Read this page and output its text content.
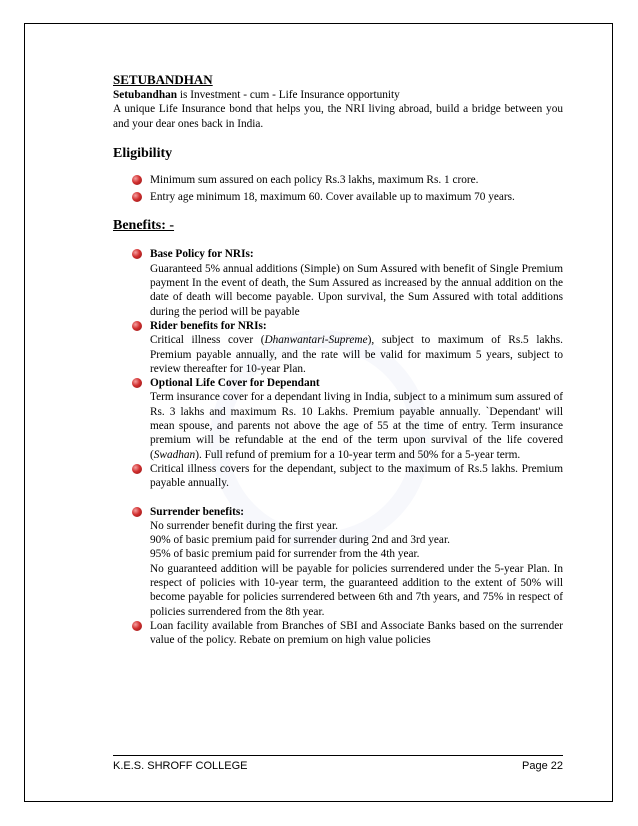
SETUBANDHAN

Setubandhan is Investment - cum - Life Insurance opportunity

A unique Life Insurance bond that helps you, the NRI living abroad, build a bridge between you and your dear ones back in India.

Eligibility
Minimum sum assured on each policy Rs.3 lakhs, maximum Rs. 1 crore.
Entry age minimum 18, maximum 60. Cover available up to maximum 70 years.
Benefits: -
Base Policy for NRIs:
Guaranteed 5% annual additions (Simple) on Sum Assured with benefit of Single Premium payment In the event of death, the Sum Assured as increased by the annual addition on the date of death will become payable. Upon survival, the Sum Assured with total additions during the period will be payable
Rider benefits for NRIs:
Critical illness cover (Dhanwantari-Supreme), subject to maximum of Rs.5 lakhs. Premium payable annually, and the rate will be valid for maximum 5 years, subject to review thereafter for 10-year Plan.
Optional Life Cover for Dependant
Term insurance cover for a dependant living in India, subject to a minimum sum assured of Rs. 3 lakhs and maximum Rs. 10 Lakhs. Premium payable annually. `Dependant' will mean spouse, and parents not above the age of 55 at the time of entry. Term insurance premium will be refundable at the end of the term upon survival of the life covered (Swadhan). Full refund of premium for a 10-year term and 50% for a 5-year term.
Critical illness covers for the dependant, subject to the maximum of Rs.5 lakhs. Premium payable annually.
Surrender benefits:
No surrender benefit during the first year.
90% of basic premium paid for surrender during 2nd and 3rd year.
95% of basic premium paid for surrender from the 4th year.
No guaranteed addition will be payable for policies surrendered under the 5-year Plan. In respect of policies with 10-year term, the guaranteed addition to the extent of 50% will become payable for policies surrendered between 6th and 7th years, and 75% in respect of policies surrendered from the 8th year.
Loan facility available from Branches of SBI and Associate Banks based on the surrender value of the policy. Rebate on premium on high value policies
K.E.S. SHROFF COLLEGE	Page 22
